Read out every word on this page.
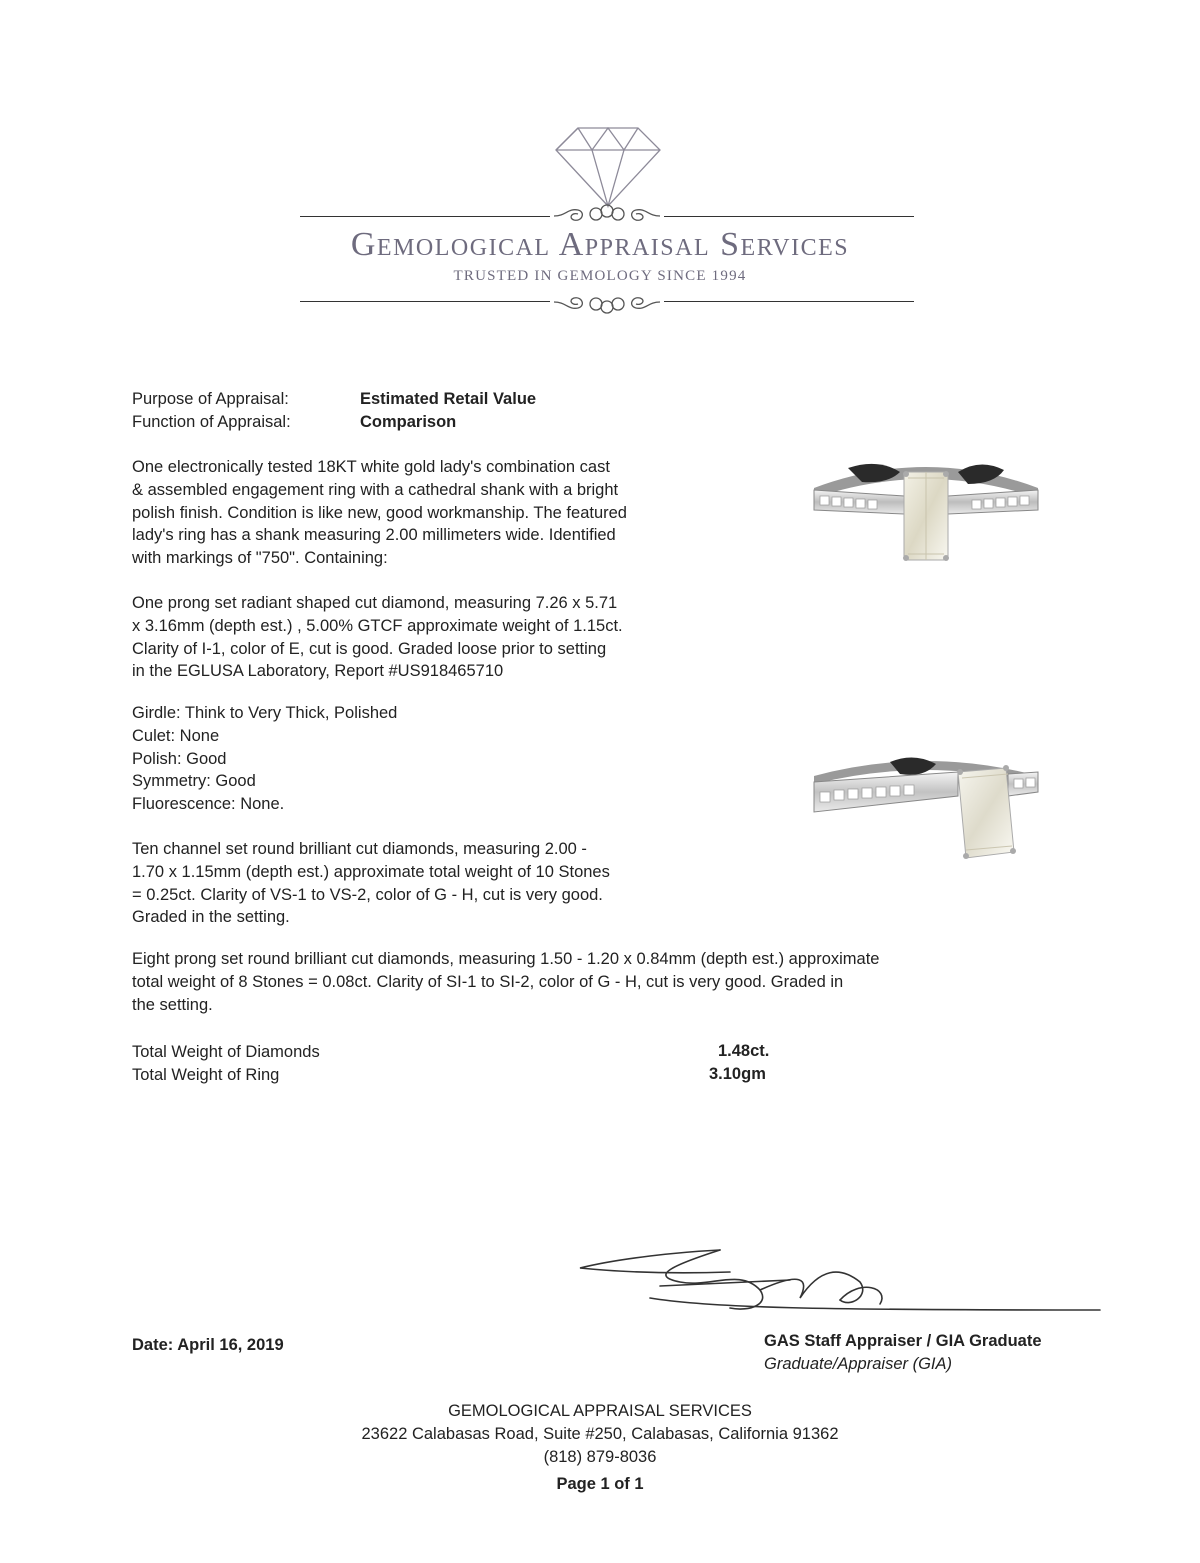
Gemological Appraisal Services
TRUSTED IN GEMOLOGY SINCE 1994
Purpose of Appraisal:	Estimated Retail Value
Function of Appraisal:	Comparison
One electronically tested 18KT white gold lady's combination cast
& assembled engagement ring with a cathedral shank with a bright
polish finish. Condition is like new, good workmanship. The featured
lady's ring has a shank measuring 2.00 millimeters wide. Identified
with markings of "750". Containing:
One prong set radiant shaped cut diamond, measuring 7.26 x 5.71
x 3.16mm (depth est.) , 5.00% GTCF approximate weight of 1.15ct.
Clarity of I-1, color of E, cut is good. Graded loose prior to setting
in the EGLUSA Laboratory, Report #US918465710
Girdle: Think to Very Thick, Polished
Culet: None
Polish: Good
Symmetry: Good
Fluorescence: None.
Ten channel set round brilliant cut diamonds, measuring 2.00 -
1.70 x 1.15mm (depth est.) approximate total weight of 10 Stones
= 0.25ct. Clarity of VS-1 to VS-2, color of G - H, cut is very good.
Graded in the setting.
Eight prong set round brilliant cut diamonds, measuring 1.50 - 1.20 x 0.84mm (depth est.) approximate
total weight of 8 Stones = 0.08ct. Clarity of SI-1 to SI-2, color of G - H, cut is very good. Graded in
the setting.
Total Weight of Diamonds	1.48ct.
Total Weight of Ring	3.10gm
Date: April 16, 2019	GAS Staff Appraiser / GIA Graduate
Graduate/Appraiser (GIA)
GEMOLOGICAL APPRAISAL SERVICES
23622 Calabasas Road, Suite #250, Calabasas, California 91362
(818) 879-8036
Page 1 of 1
